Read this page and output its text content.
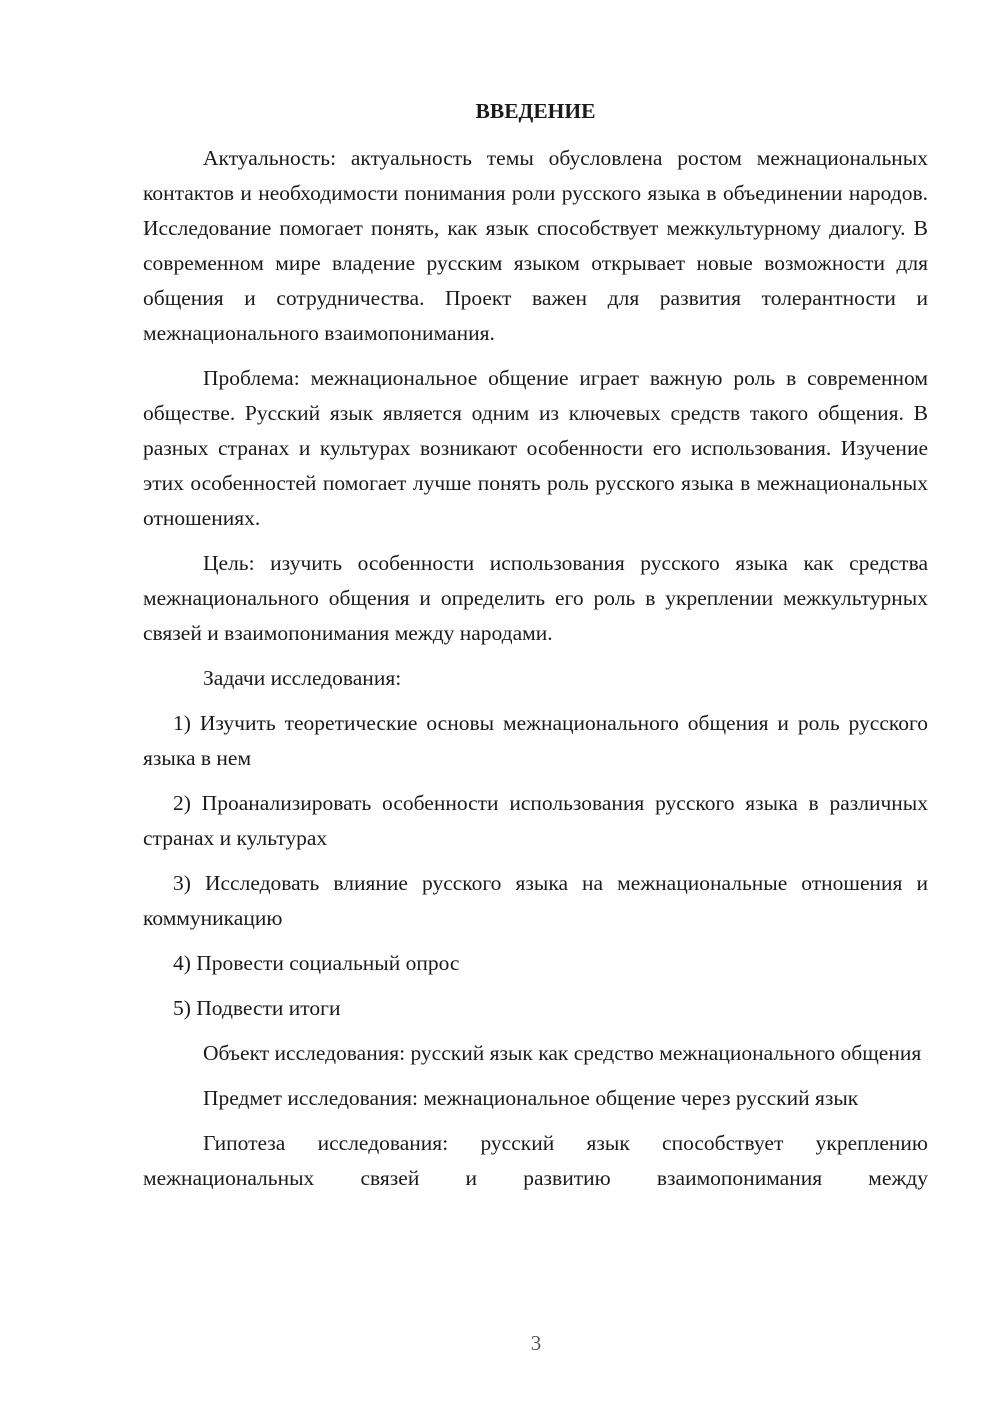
ВВЕДЕНИЕ

Актуальность: актуальность темы обусловлена ростом межнациональных контактов и необходимости понимания роли русского языка в объединении народов. Исследование помогает понять, как язык способствует межкультурному диалогу. В современном мире владение русским языком открывает новые возможности для общения и сотрудничества. Проект важен для развития толерантности и межнационального взаимопонимания.

Проблема: межнациональное общение играет важную роль в современном обществе. Русский язык является одним из ключевых средств такого общения. В разных странах и культурах возникают особенности его использования. Изучение этих особенностей помогает лучше понять роль русского языка в межнациональных отношениях.

Цель: изучить особенности использования русского языка как средства межнационального общения и определить его роль в укреплении межкультурных связей и взаимопонимания между народами.

Задачи исследования:

1) Изучить теоретические основы межнационального общения и роль русского языка в нем

2) Проанализировать особенности использования русского языка в различных странах и культурах

3) Исследовать влияние русского языка на межнациональные отношения и коммуникацию

4) Провести социальный опрос

5) Подвести итоги

Объект исследования: русский язык как средство межнационального общения

Предмет исследования: межнациональное общение через русский язык

Гипотеза исследования: русский язык способствует укреплению межнациональных связей и развитию взаимопонимания между

3
